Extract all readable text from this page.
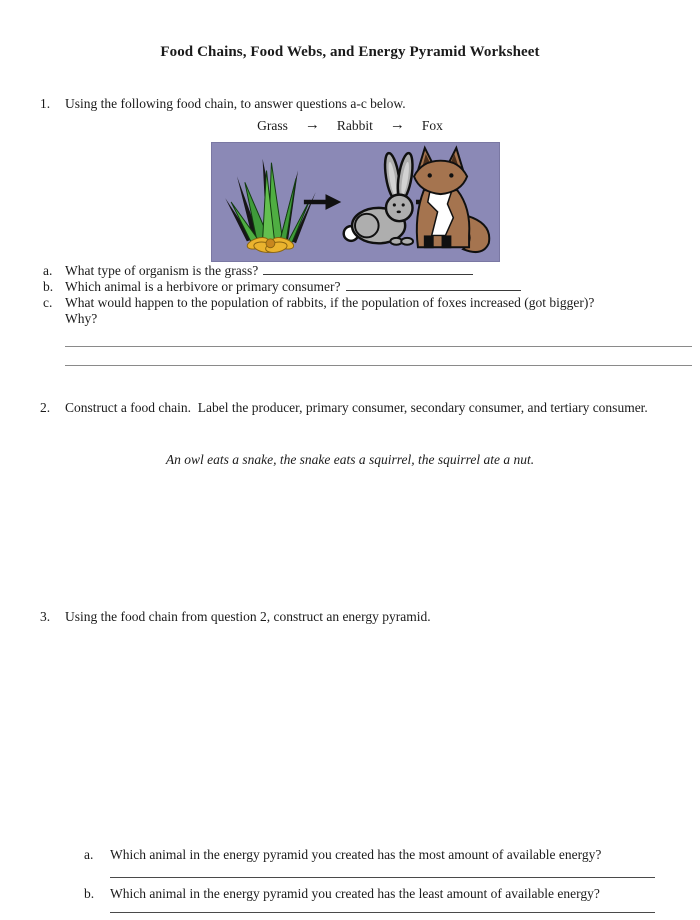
Food Chains, Food Webs, and Energy Pyramid Worksheet
1. Using the following food chain, to answer questions a-c below.
Grass → Rabbit → Fox
a. What type of organism is the grass?
b. Which animal is a herbivore or primary consumer?
c. What would happen to the population of rabbits, if the population of foxes increased (got bigger)?
Why?
2. Construct a food chain.  Label the producer, primary consumer, secondary consumer, and tertiary consumer.
An owl eats a snake, the snake eats a squirrel, the squirrel ate a nut.
3. Using the food chain from question 2, construct an energy pyramid.
a. Which animal in the energy pyramid you created has the most amount of available energy?
b. Which animal in the energy pyramid you created has the least amount of available energy?
